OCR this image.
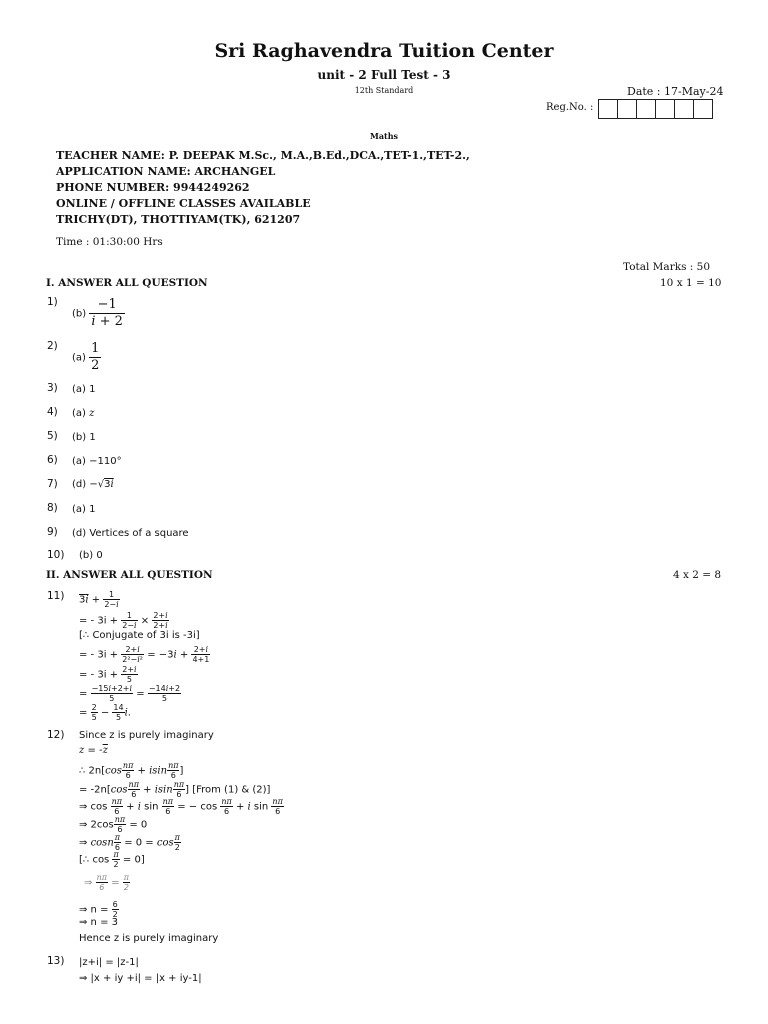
Sri Raghavendra Tuition Center
unit - 2 Full Test - 3
12th Standard	Date : 17-May-24
Reg.No. :
Maths
TEACHER NAME: P. DEEPAK M.Sc., M.A.,B.Ed.,DCA.,TET-1.,TET-2.,
APPLICATION NAME: ARCHANGEL
PHONE NUMBER: 9944249262
ONLINE / OFFLINE CLASSES AVAILABLE
TRICHY(DT), THOTTIYAM(TK), 621207
Time : 01:30:00 Hrs
Total Marks : 50
I. ANSWER ALL QUESTION	10 x 1 = 10
1)
$(b) \frac{-1}{i + 2}$
2)
$(a) \frac{1}{2}$
3) (a) 1
4) (a) z
5) (b) 1
6) (a) −110°
7) (d) −√3i
8) (a) 1
9) (d) Vertices of a square
10) (b) 0
II. ANSWER ALL QUESTION	4 x 2 = 8
11) $3i + \frac{1}{2-i}$
= - $3i + \frac{1}{2-i} \times \frac{2+i}{2+i}$
[∴ Conjugate of 3i is -3i]
= - $3i + \frac{2+i}{\text{2²−i²}} = -3i + \frac{2+i}{4+1}$
= - $3i + \frac{2+i}{5}$
= $\frac{-15i+2+i}{5} = \frac{-14i+2}{5}$
= $\frac{2}{5} - \frac{14}{5} i$.
12) Since z is purely imaginary
$z = -\overline{z}$
∴ $2n[\cos \frac{n\pi}{6} + isin \frac{n\pi}{6}$ ]
= $-2n[\cos \frac{n\pi}{6} + isin \frac{n\pi}{6}$ ] [From (1) & (2)]
⇒ $\cos \frac{n\pi}{6} + i$ $\sin \frac{n\pi}{6}$ = − $\cos \frac{n\pi}{6} + i$ $\sin \frac{n\pi}{6}$
⇒ $2\cos \frac{n\pi}{6} = 0$
⇒ cosn $\frac{\pi}{6} = 0 = \cos \frac{\pi}{2}$
[∴ $\cos \frac{\pi}{2} = 0$]
⇒ $\frac{n\pi}{6} = \frac{\pi}{2}$
⇒ $n = \frac{6}{2}$
⇒ n = 3
Hence z is purely imaginary
13) |z+i| = |z-1|
⇒ |x + iy +i| = |x + iy-1|
